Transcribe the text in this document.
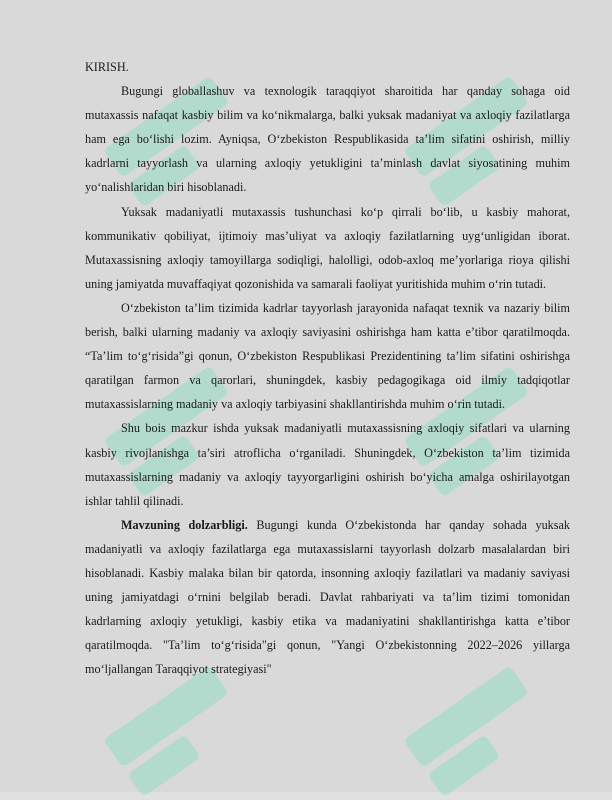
KIRISH.

Bugungi globallashuv va texnologik taraqqiyot sharoitida har qanday sohaga oid mutaxassis nafaqat kasbiy bilim va ko‘nikmalarga, balki yuksak madaniyat va axloqiy fazilatlarga ham ega bo‘lishi lozim. Ayniqsa, O‘zbekiston Respublikasida ta’lim sifatini oshirish, milliy kadrlarni tayyorlash va ularning axloqiy yetukligini ta’minlash davlat siyosatining muhim yo‘nalishlaridan biri hisoblanadi.

Yuksak madaniyatli mutaxassis tushunchasi ko‘p qirrali bo‘lib, u kasbiy mahorat, kommunikativ qobiliyat, ijtimoiy mas’uliyat va axloqiy fazilatlarning uyg‘unligidan iborat. Mutaxassisning axloqiy tamoyillarga sodiqligi, halolligi, odob-axloq me’yorlariga rioya qilishi uning jamiyatda muvaffaqiyat qozonishida va samarali faoliyat yuritishida muhim o‘rin tutadi.

O‘zbekiston ta’lim tizimida kadrlar tayyorlash jarayonida nafaqat texnik va nazariy bilim berish, balki ularning madaniy va axloqiy saviyasini oshirishga ham katta e’tibor qaratilmoqda. “Ta’lim to‘g‘risida”gi qonun, O‘zbekiston Respublikasi Prezidentining ta’lim sifatini oshirishga qaratilgan farmon va qarorlari, shuningdek, kasbiy pedagogikaga oid ilmiy tadqiqotlar mutaxassislarning madaniy va axloqiy tarbiyasini shakllantirishda muhim o‘rin tutadi.

Shu bois mazkur ishda yuksak madaniyatli mutaxassisning axloqiy sifatlari va ularning kasbiy rivojlanishga ta’siri atroflicha o‘rganiladi. Shuningdek, O‘zbekiston ta’lim tizimida mutaxassislarning madaniy va axloqiy tayyorgarligini oshirish bo‘yicha amalga oshirilayotgan ishlar tahlil qilinadi.

Mavzuning dolzarbligi. Bugungi kunda O‘zbekistonda har qanday sohada yuksak madaniyatli va axloqiy fazilatlarga ega mutaxassislarni tayyorlash dolzarb masalalardan biri hisoblanadi. Kasbiy malaka bilan bir qatorda, insonning axloqiy fazilatlari va madaniy saviyasi uning jamiyatdagi o‘rnini belgilab beradi. Davlat rahbariyati va ta’lim tizimi tomonidan kadrlarning axloqiy yetukligi, kasbiy etika va madaniyatini shakllantirishga katta e’tibor qaratilmoqda. "Ta’lim to‘g‘risida"gi qonun, "Yangi O‘zbekistonning 2022–2026 yillarga mo‘ljallangan Taraqqiyot strategiyasi"
